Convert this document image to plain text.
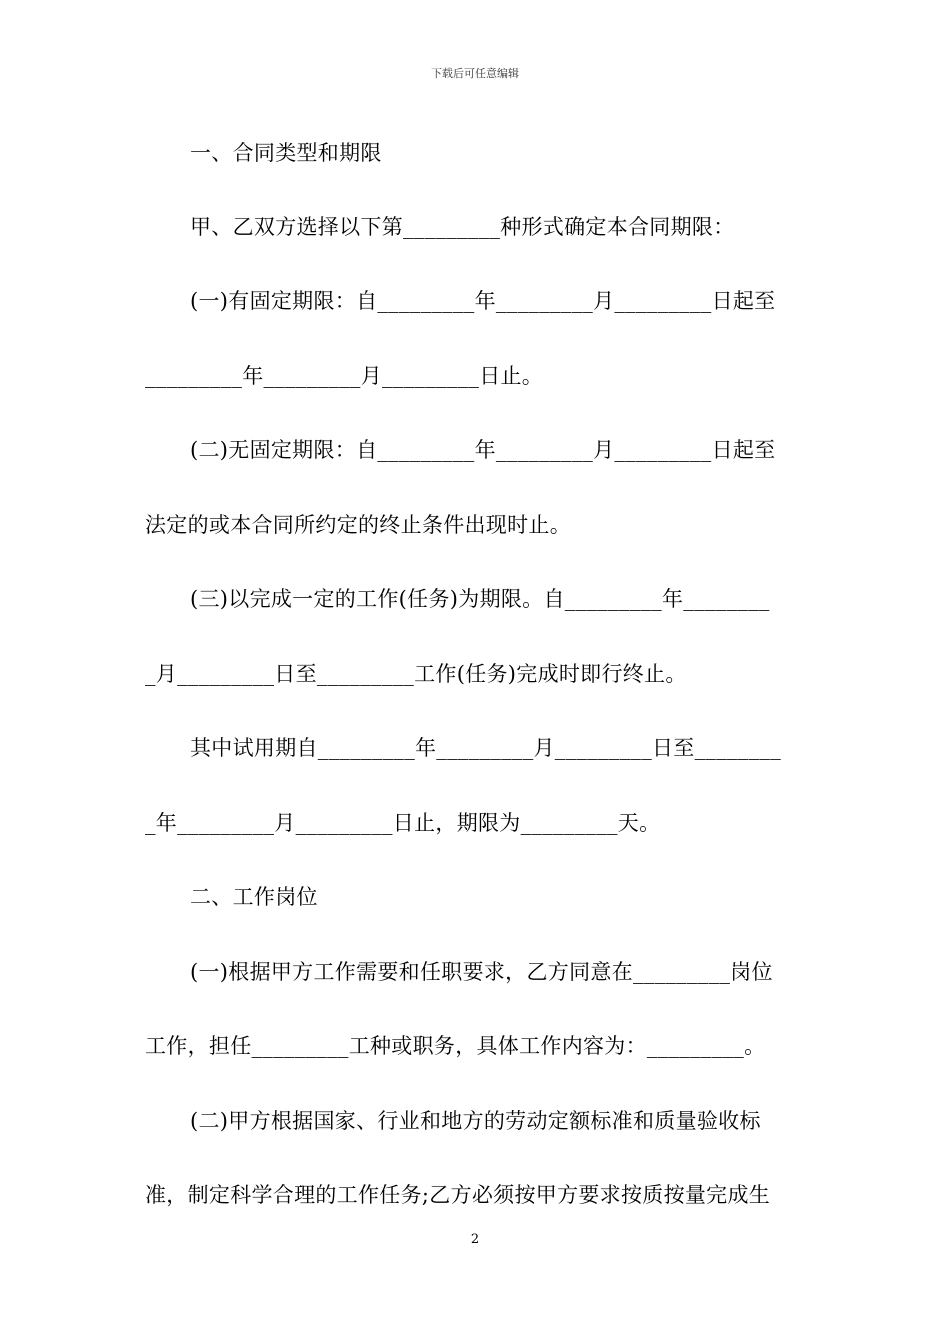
下载后可任意编辑
一、合同类型和期限
甲、乙双方选择以下第_________种形式确定本合同期限：
(一)有固定期限：自_________年_________月_________日起至
_________年_________月_________日止。
(二)无固定期限：自_________年_________月_________日起至
法定的或本合同所约定的终止条件出现时止。
(三)以完成一定的工作(任务)为期限。自_________年________
_月_________日至_________工作(任务)完成时即行终止。
其中试用期自_________年_________月_________日至________
_年_________月_________日止，期限为_________天。
二、工作岗位
(一)根据甲方工作需要和任职要求，乙方同意在_________岗位
工作，担任_________工种或职务，具体工作内容为：_________。
(二)甲方根据国家、行业和地方的劳动定额标准和质量验收标
准，制定科学合理的工作任务;乙方必须按甲方要求按质按量完成生
2
